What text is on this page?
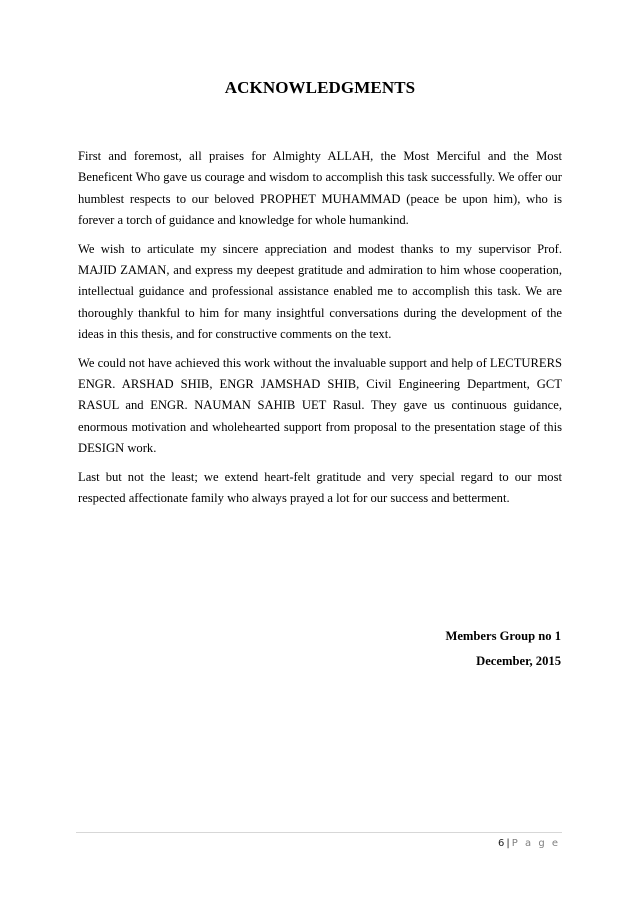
ACKNOWLEDGMENTS

First and foremost, all praises for Almighty ALLAH, the Most Merciful and the Most Beneficent Who gave us courage and wisdom to accomplish this task successfully. We offer our humblest respects to our beloved PROPHET MUHAMMAD (peace be upon him), who is forever a torch of guidance and knowledge for whole humankind.

We wish to articulate my sincere appreciation and modest thanks to my supervisor Prof. MAJID ZAMAN, and express my deepest gratitude and admiration to him whose cooperation, intellectual guidance and professional assistance enabled me to accomplish this task. We are thoroughly thankful to him for many insightful conversations during the development of the ideas in this thesis, and for constructive comments on the text.

We could not have achieved this work without the invaluable support and help of LECTURERS ENGR. ARSHAD SHIB, ENGR JAMSHAD SHIB, Civil Engineering Department, GCT RASUL and ENGR. NAUMAN SAHIB UET Rasul. They gave us continuous guidance, enormous motivation and wholehearted support from proposal to the presentation stage of this DESIGN work.

Last but not the least; we extend heart-felt gratitude and very special regard to our most respected affectionate family who always prayed a lot for our success and betterment.

Members Group no 1

December, 2015

6 | P a g e
